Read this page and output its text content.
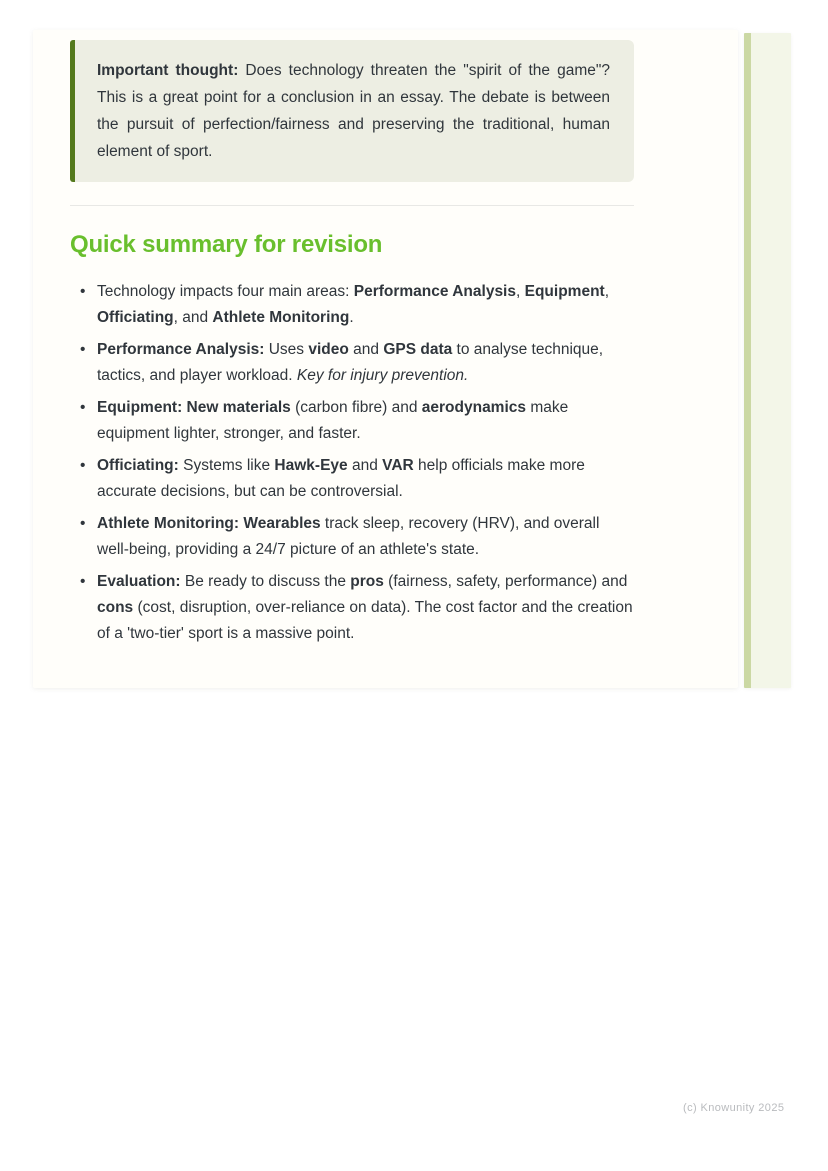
Important thought: Does technology threaten the "spirit of the game"? This is a great point for a conclusion in an essay. The debate is between the pursuit of perfection/fairness and preserving the traditional, human element of sport.

Quick summary for revision
• Technology impacts four main areas: Performance Analysis, Equipment, Officiating, and Athlete Monitoring.
• Performance Analysis: Uses video and GPS data to analyse technique, tactics, and player workload. Key for injury prevention.
• Equipment: New materials (carbon fibre) and aerodynamics make equipment lighter, stronger, and faster.
• Officiating: Systems like Hawk-Eye and VAR help officials make more accurate decisions, but can be controversial.
• Athlete Monitoring: Wearables track sleep, recovery (HRV), and overall well-being, providing a 24/7 picture of an athlete's state.
• Evaluation: Be ready to discuss the pros (fairness, safety, performance) and cons (cost, disruption, over-reliance on data). The cost factor and the creation of a 'two-tier' sport is a massive point.
(c) Knowunity 2025
